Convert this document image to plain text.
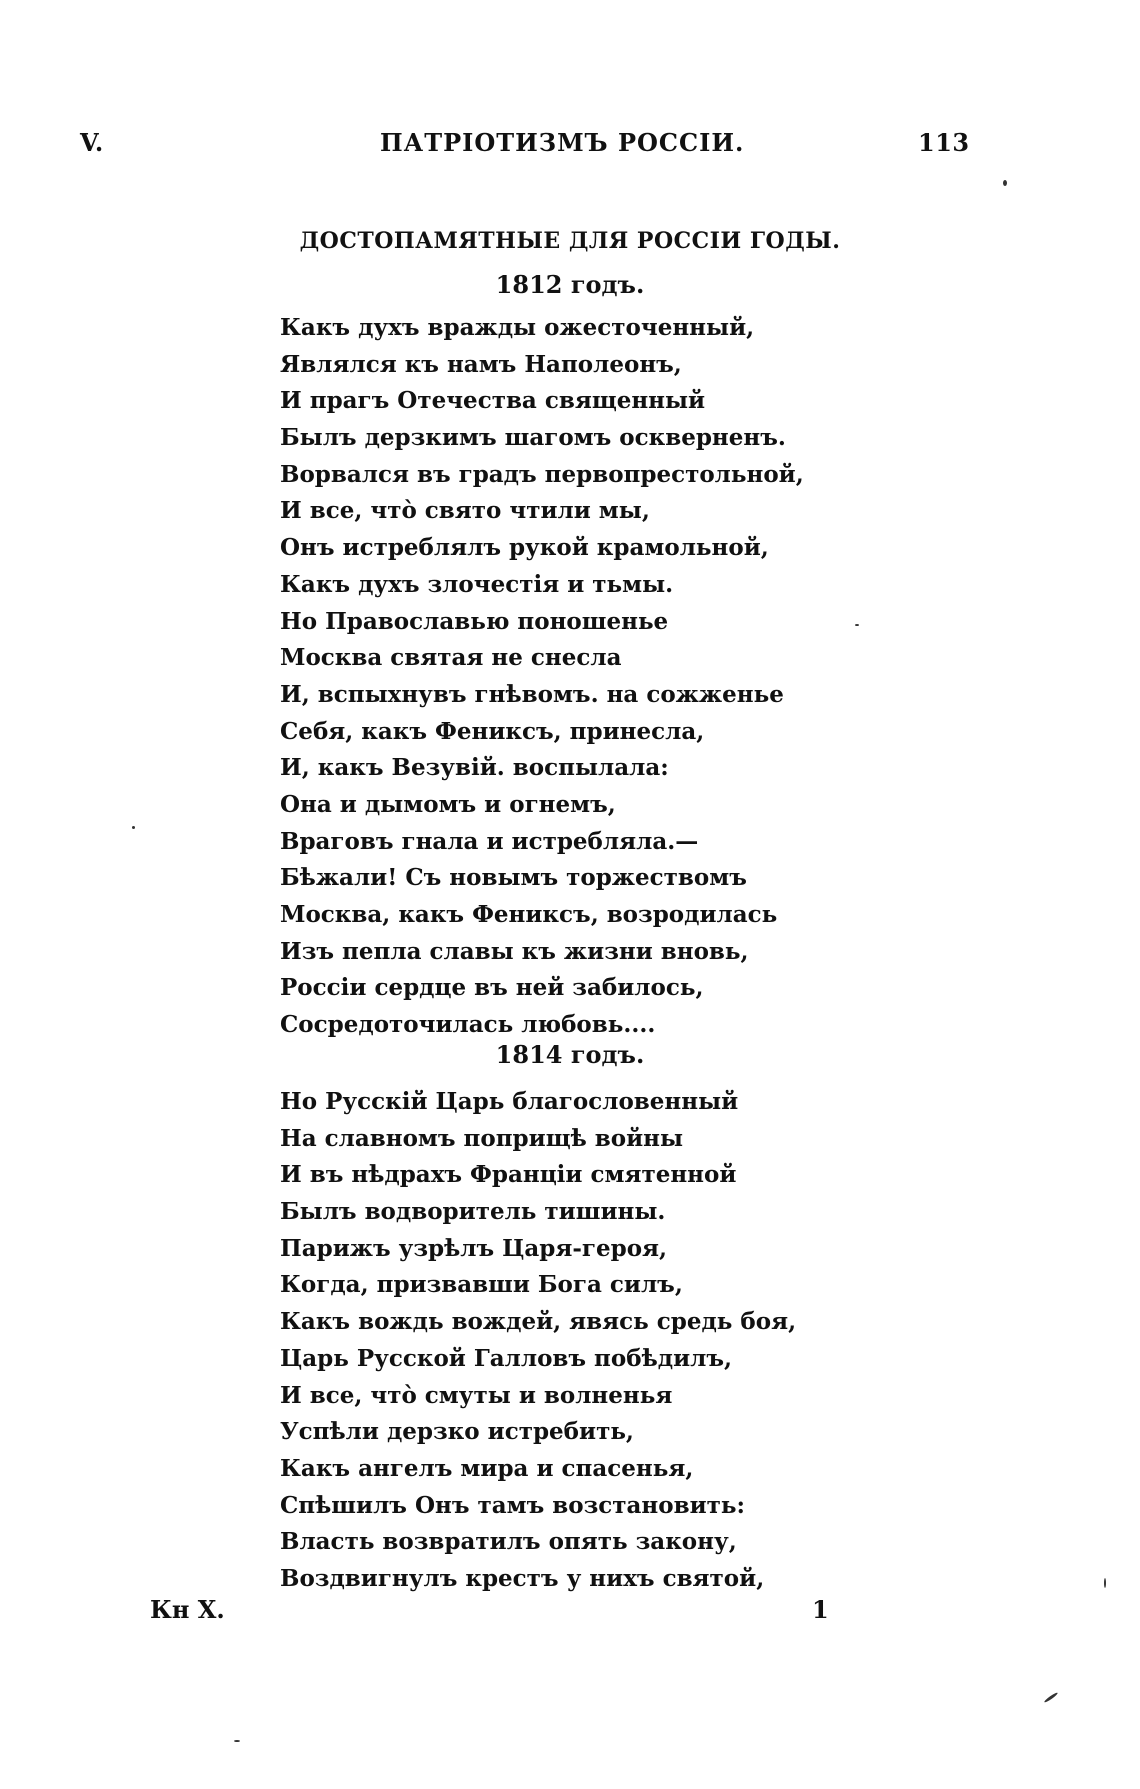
V.	ПАТРIОТИЗМЪ РОССIИ.	113
ДОСТОПАМЯТНЫЕ ДЛЯ РОССIИ ГОДЫ.
1812 годъ.
Какъ духъ вражды ожесточенный,
Являлся къ намъ Наполеонъ,
И прагъ Отечества священный
Былъ дерзкимъ шагомъ оскверненъ.
Ворвался въ градъ первопрестольной,
И все, что̀ свято чтили мы,
Онъ истреблялъ рукой крамольной,
Какъ духъ злочестiя и тьмы.
Но Православью поношенье
Москва святая не снесла
И, вспыхнувъ гнѣвомъ. на сожженье
Себя, какъ Фениксъ, принесла,
И, какъ Везувiй. воспылала:
Она и дымомъ и огнемъ,
Враговъ гнала и истребляла.—
Бѣжали! Съ новымъ торжествомъ
Москва, какъ Фениксъ, возродилась
Изъ пепла славы къ жизни вновь,
Россiи сердце въ ней забилось,
Сосредоточилась любовь....
1814 годъ.
Но Русскiй Царь благословенный
На славномъ поприщѣ войны
И въ нѣдрахъ Францiи смятенной
Былъ водворитель тишины.
Парижъ узрѣлъ Царя-героя,
Когда, призвавши Бога силъ,
Какъ вождь вождей, явясь средь боя,
Царь Русской Галловъ побѣдилъ,
И все, что̀ смуты и волненья
Успѣли дерзко истребить,
Какъ ангелъ мира и спасенья,
Спѣшилъ Онъ тамъ возстановить:
Власть возвратилъ опять закону,
Воздвигнулъ крестъ у нихъ святой,
Кн Х.	1
